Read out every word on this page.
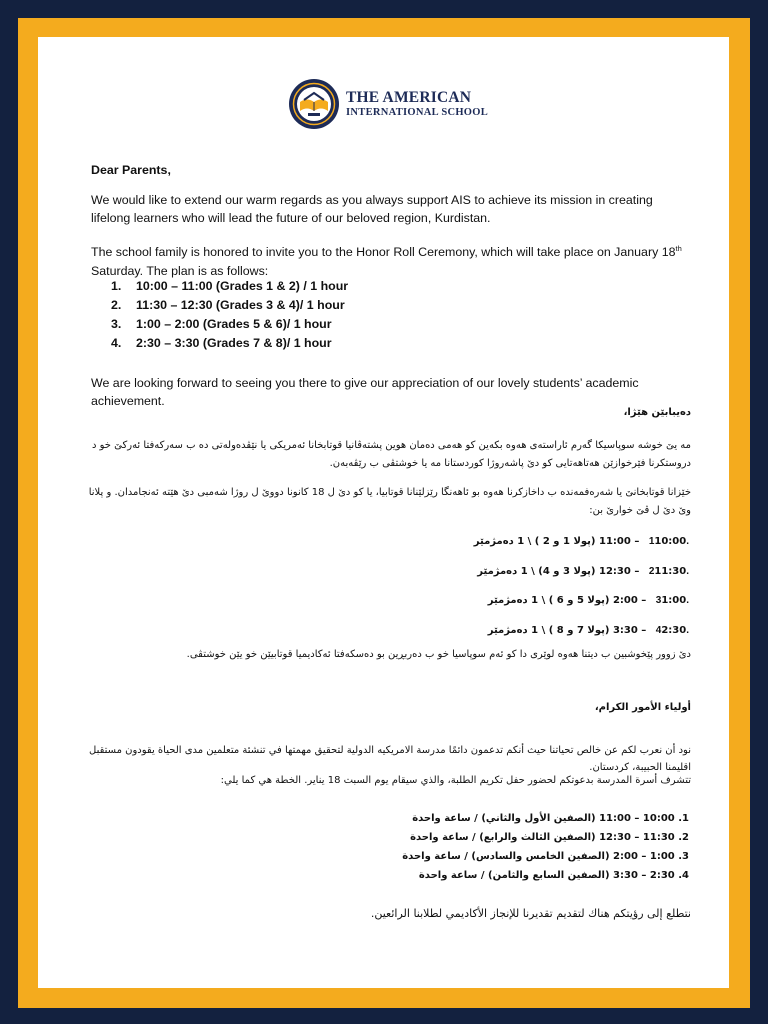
THE AMERICAN
INTERNATIONAL SCHOOL

Dear Parents,

We would like to extend our warm regards as you always support AIS to achieve its mission in creating lifelong learners who will lead the future of our beloved region, Kurdistan.

The school family is honored to invite you to the Honor Roll Ceremony, which will take place on January 18th Saturday. The plan is as follows:

1.	10:00 – 11:00 (Grades 1 & 2) / 1 hour
2.	11:30 – 12:30 (Grades 3 & 4)/ 1 hour
3.	1:00 – 2:00 (Grades 5 & 6)/ 1 hour
4.	2:30 – 3:30 (Grades 7 & 8)/ 1 hour

We are looking forward to seeing you there to give our appreciation of our lovely students’ academic achievement.

دەیبابێن هێژا،
مە یێ خوشە سوپاسیکا گەرم ئاراستەی هەوە بکەین کو هەمی دەمان هوین پشتەڤانیا قوتابخانا ئەمریکی یا نێڤدەولەتی دە ب سەرکەفتا ئەرکێ خو د دروستکرنا فێرخوازێن هەتاهەتایی کو دێ پاشەروژا کوردستانا مە یا خوشتڤی ب رێڤەبەن.
خێزانا قوتابخانێ یا شەرەفمەندە ب داخازکرنا هەوە بو ئاهەنگا رێزلێنانا قوتابیا، یا کو دێ ل 18 کانونا دووێ ل روژا شەمبی دێ هێتە ئەنجامدان. و پلانا وێ دێ ل ڤێ خوارێ بن:
.110:00 – 11:00 (پولا 1 و 2 ) \ 1 دەمژمێر
.211:30 – 12:30 (پولا 3 و 4) \ 1 دەمژمێر
.31:00 – 2:00 (پولا 5 و 6 ) \ 1 دەمژمێر
.42:30 – 3:30 (پولا 7 و 8 ) \ 1 دەمژمێر
دێ زوور پێخوشبین ب دیتنا هەوە لوێری دا کو ئەم سوپاسیا خو ب دەربڕین بو دەسکەفتا ئەکادیمیا قوتابیێن خو یێن خوشتڤی.
أولياء الأمور الكرام،
نود أن نعرب لكم عن خالص تحياتنا حيث أنكم تدعمون دائمًا مدرسة الامريكيه الدولية لتحقيق مهمتها في تنشئة متعلمين مدى الحياة يقودون مستقبل اقليمنا الحبيبة، كردستان.
تتشرف أسرة المدرسة بدعوتكم لحضور حفل تكريم الطلبة، والذي سيقام يوم السبت 18 يناير. الخطة هي كما يلي:
1. 10:00 – 11:00 (الصفين الأول والثاني) / ساعة واحدة
2. 11:30 – 12:30 (الصفين الثالث والرابع) / ساعة واحدة
3. 1:00 – 2:00 (الصفين الخامس والسادس) / ساعة واحدة
4. 2:30 – 3:30 (الصفين السابع والثامن) / ساعة واحدة
نتطلع إلى رؤيتكم هناك لتقديم تقديرنا للإنجاز الأكاديمي لطلابنا الرائعين.
